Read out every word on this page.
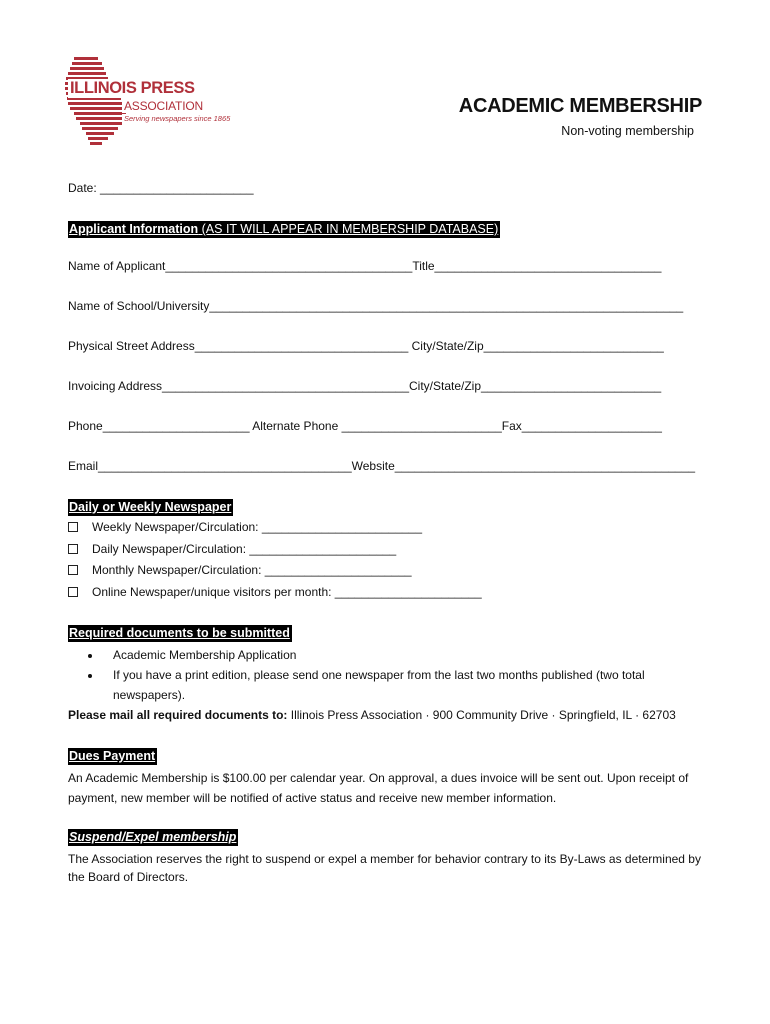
ILLINOIS PRESS
ASSOCIATION
Serving newspapers since 1865
ACADEMIC MEMBERSHIP
Non-voting membership
Date: _______________________
Applicant Information (AS IT WILL APPEAR IN MEMBERSHIP DATABASE)
Name of Applicant_____________________________________Title__________________________________
Name of School/University_______________________________________________________________________
Physical Street Address________________________________ City/State/Zip___________________________
Invoicing Address_____________________________________City/State/Zip___________________________
Phone______________________ Alternate Phone ________________________Fax_____________________
Email______________________________________Website_____________________________________________
Daily or Weekly Newspaper
Weekly Newspaper/Circulation: ________________________
Daily Newspaper/Circulation: ______________________
Monthly Newspaper/Circulation: ______________________
Online Newspaper/unique visitors per month: ______________________
Required documents to be submitted
Academic Membership Application
If you have a print edition, please send one newspaper from the last two months published (two total
newspapers).
Please mail all required documents to: Illinois Press Association · 900 Community Drive · Springfield, IL · 62703
Dues Payment
An Academic Membership is $100.00 per calendar year. On approval, a dues invoice will be sent out. Upon receipt of payment, new member will be notified of active status and receive new member information.
Suspend/Expel membership
The Association reserves the right to suspend or expel a member for behavior contrary to its By-Laws as determined by the Board of Directors.
